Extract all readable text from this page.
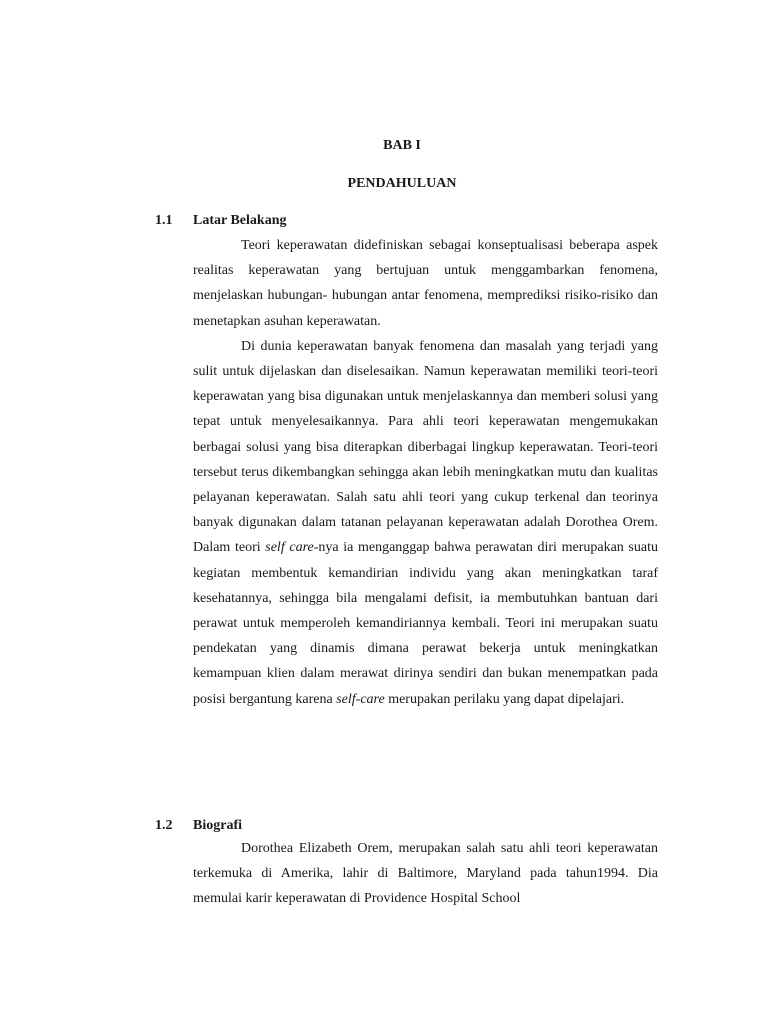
BAB I
PENDAHULUAN
1.1	Latar Belakang

Teori keperawatan didefiniskan sebagai konseptualisasi beberapa aspek realitas keperawatan yang bertujuan untuk menggambarkan fenomena, menjelaskan hubungan- hubungan antar fenomena, memprediksi risiko-risiko dan menetapkan asuhan keperawatan.

Di dunia keperawatan banyak fenomena dan masalah yang terjadi yang sulit untuk dijelaskan dan diselesaikan. Namun keperawatan memiliki teori-teori keperawatan yang bisa digunakan untuk menjelaskannya dan memberi solusi yang tepat untuk menyelesaikannya. Para ahli teori keperawatan mengemukakan berbagai solusi yang bisa diterapkan diberbagai lingkup keperawatan. Teori-teori tersebut terus dikembangkan sehingga akan lebih meningkatkan mutu dan kualitas pelayanan keperawatan. Salah satu ahli teori yang cukup terkenal dan teorinya banyak digunakan dalam tatanan pelayanan keperawatan adalah Dorothea Orem. Dalam teori self care-nya ia menganggap bahwa perawatan diri merupakan suatu kegiatan membentuk kemandirian individu yang akan meningkatkan taraf kesehatannya, sehingga bila mengalami defisit, ia membutuhkan bantuan dari perawat untuk memperoleh kemandiriannya kembali. Teori ini merupakan suatu pendekatan yang dinamis dimana perawat bekerja untuk meningkatkan kemampuan klien dalam merawat dirinya sendiri dan bukan menempatkan pada posisi bergantung karena self-care merupakan perilaku yang dapat dipelajari.

1.2	Biografi

Dorothea Elizabeth Orem, merupakan salah satu ahli teori keperawatan terkemuka di Amerika, lahir di Baltimore, Maryland pada tahun1994. Dia memulai karir keperawatan di Providence Hospital School
